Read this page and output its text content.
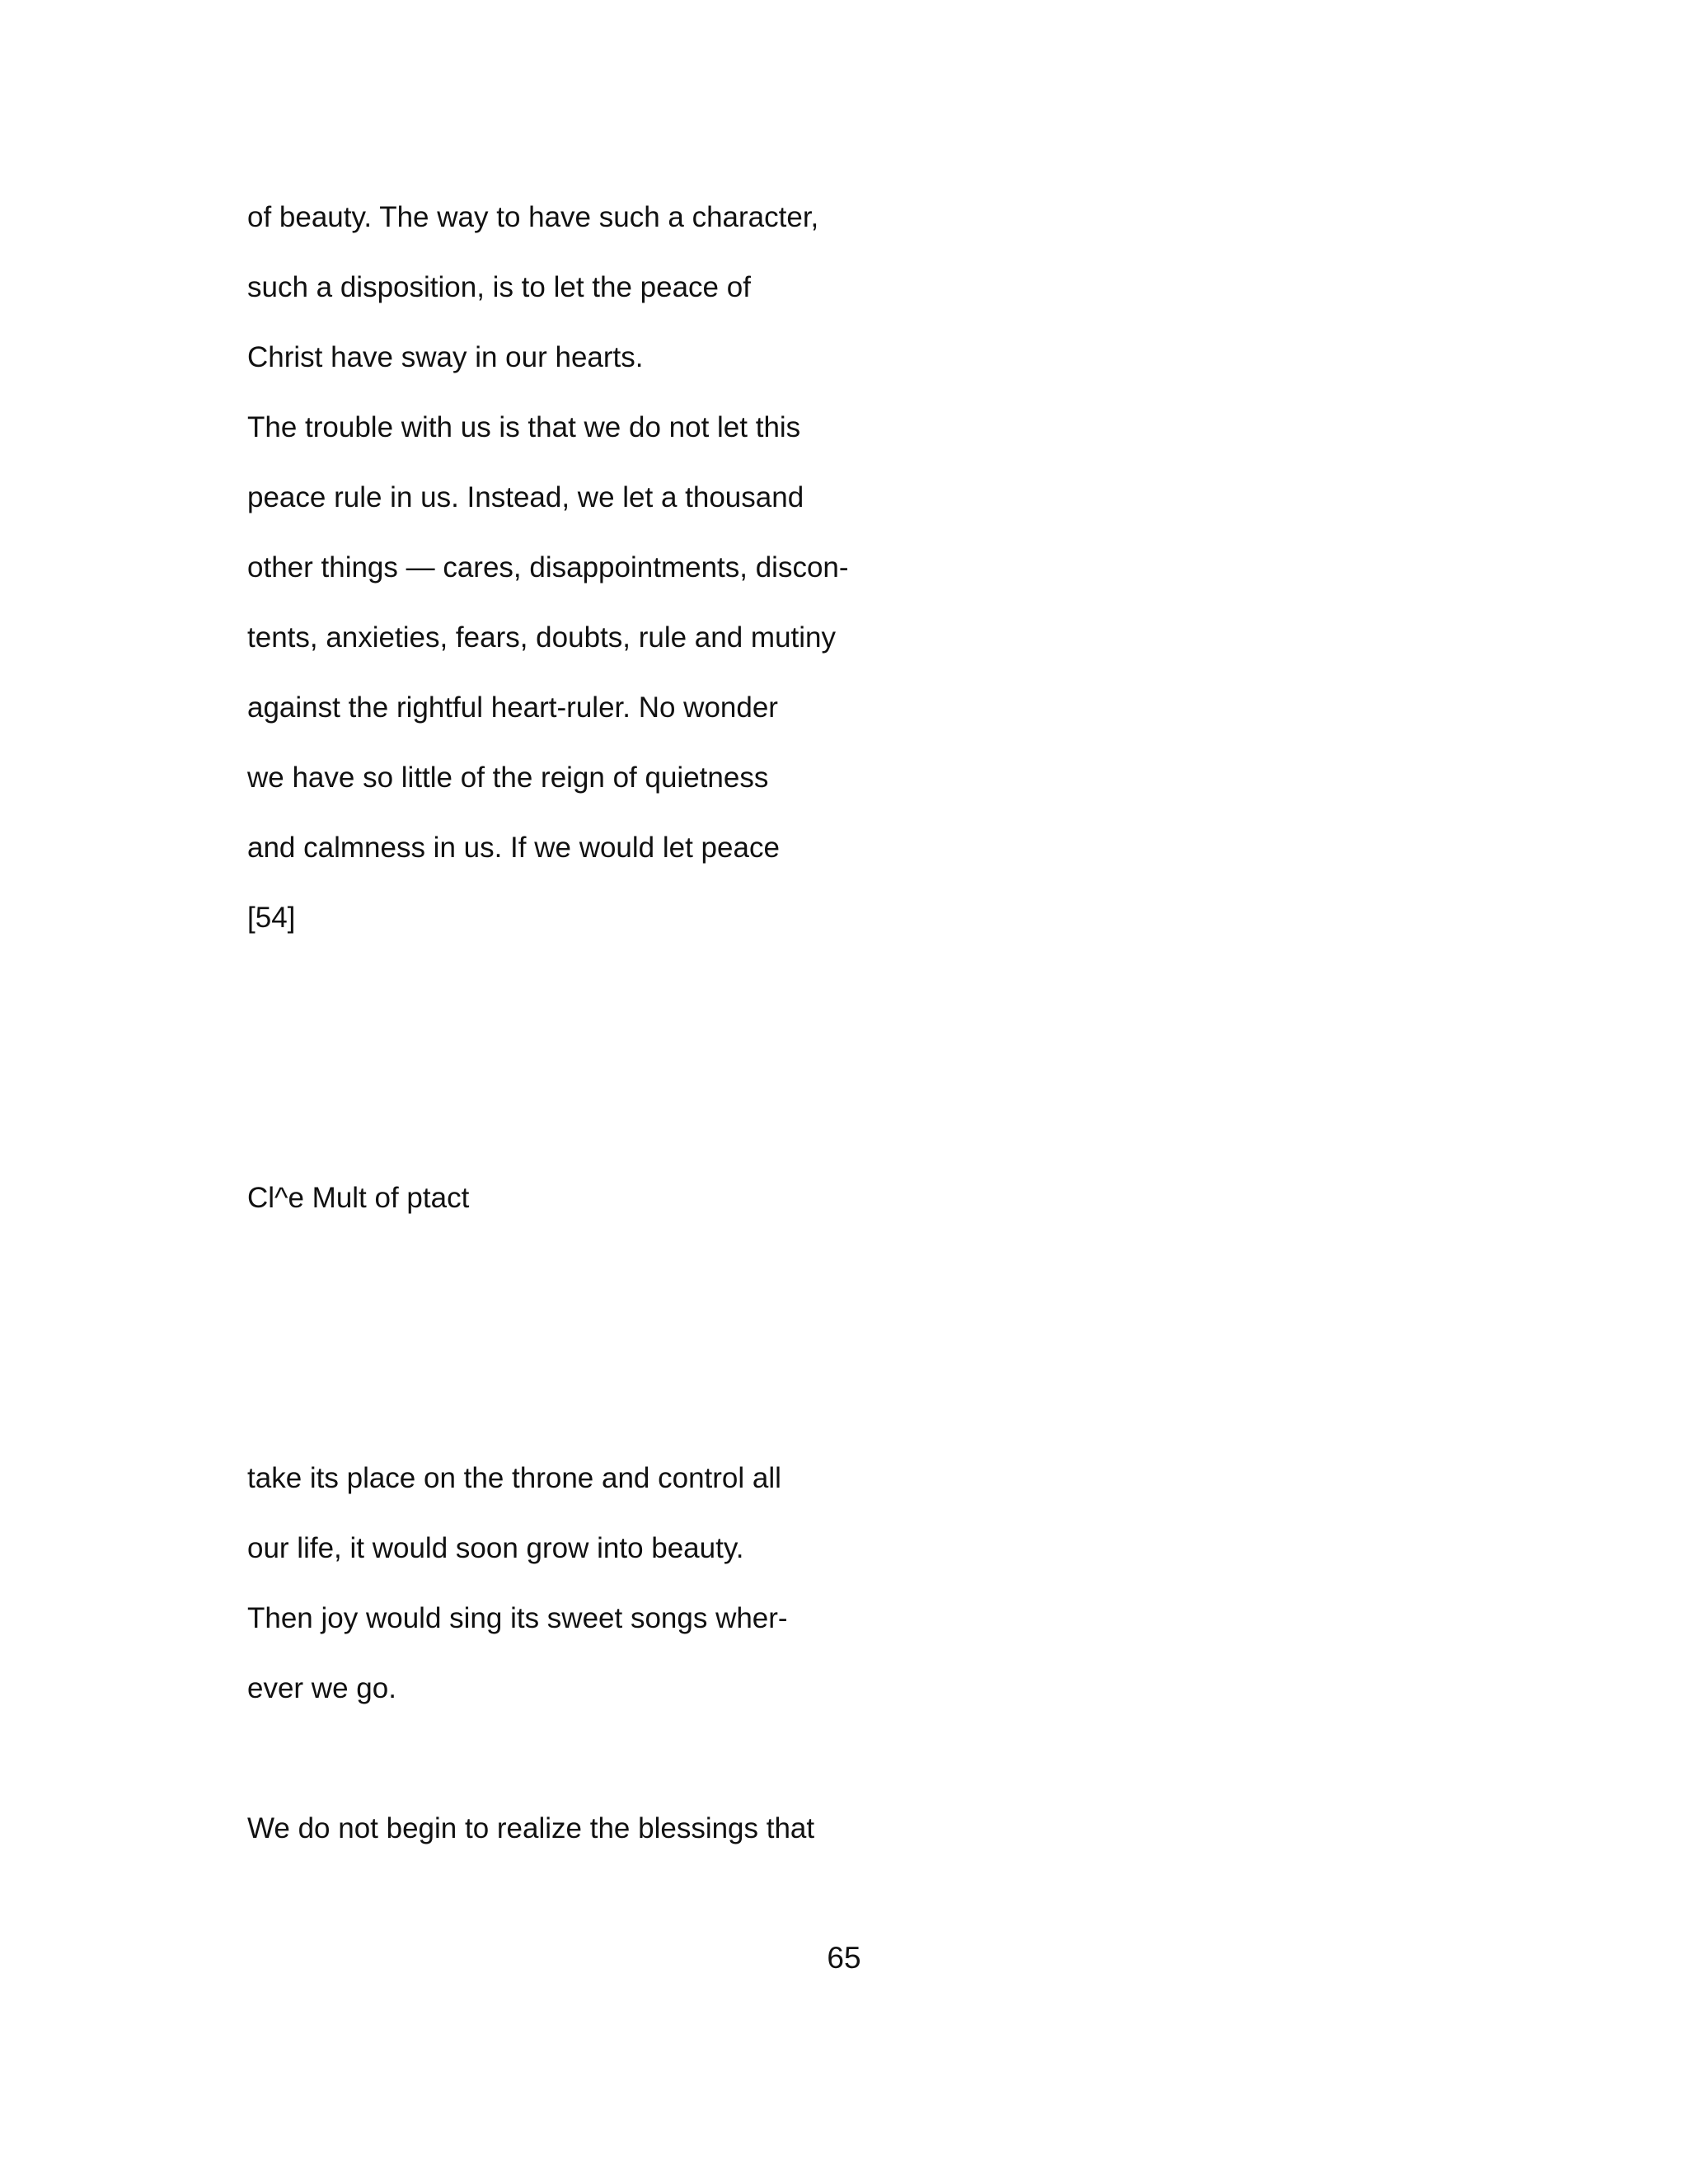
of beauty. The way to have such a character,
such a disposition, is to let the peace of
Christ have sway in our hearts.
The trouble with us is that we do not let this
peace rule in us. Instead, we let a thousand
other things — cares, disappointments, discon-
tents, anxieties, fears, doubts, rule and mutiny
against the rightful heart-ruler. No wonder
we have so little of the reign of quietness
and calmness in us. If we would let peace
[54]
Cl^e Mult of ptact
take its place on the throne and control all
our life, it would soon grow into beauty.
Then joy would sing its sweet songs wher-
ever we go.
We do not begin to realize the blessings that
65
